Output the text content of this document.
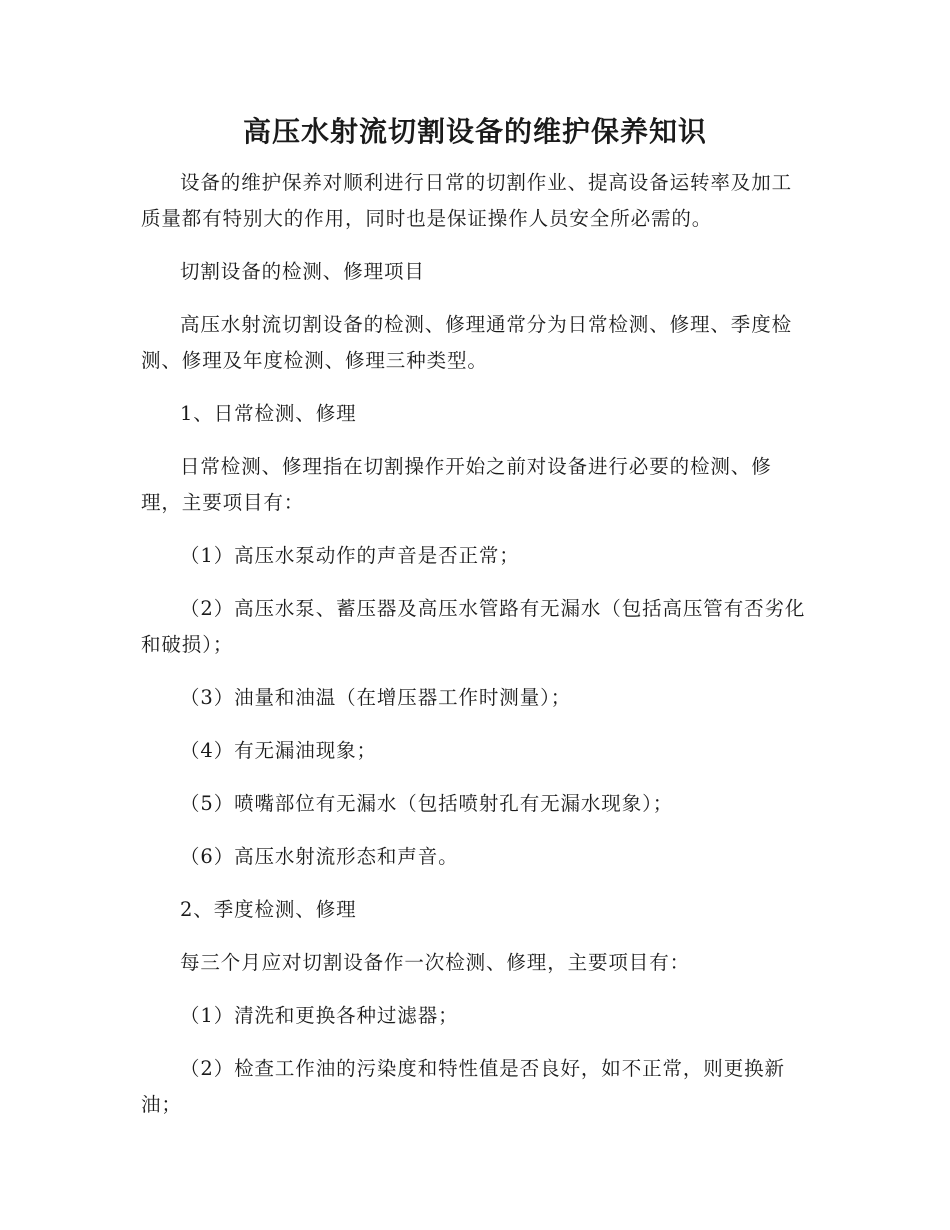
高压水射流切割设备的维护保养知识

设备的维护保养对顺利进行日常的切割作业、提高设备运转率及加工质量都有特别大的作用，同时也是保证操作人员安全所必需的。

切割设备的检测、修理项目

高压水射流切割设备的检测、修理通常分为日常检测、修理、季度检测、修理及年度检测、修理三种类型。

1、日常检测、修理

日常检测、修理指在切割操作开始之前对设备进行必要的检测、修理，主要项目有：

（1）高压水泵动作的声音是否正常；

（2）高压水泵、蓄压器及高压水管路有无漏水（包括高压管有否劣化和破损）；

（3）油量和油温（在增压器工作时测量）；

（4）有无漏油现象；

（5）喷嘴部位有无漏水（包括喷射孔有无漏水现象）；

（6）高压水射流形态和声音。

2、季度检测、修理

每三个月应对切割设备作一次检测、修理，主要项目有：

（1）清洗和更换各种过滤器；

（2）检查工作油的污染度和特性值是否良好，如不正常，则更换新油；
